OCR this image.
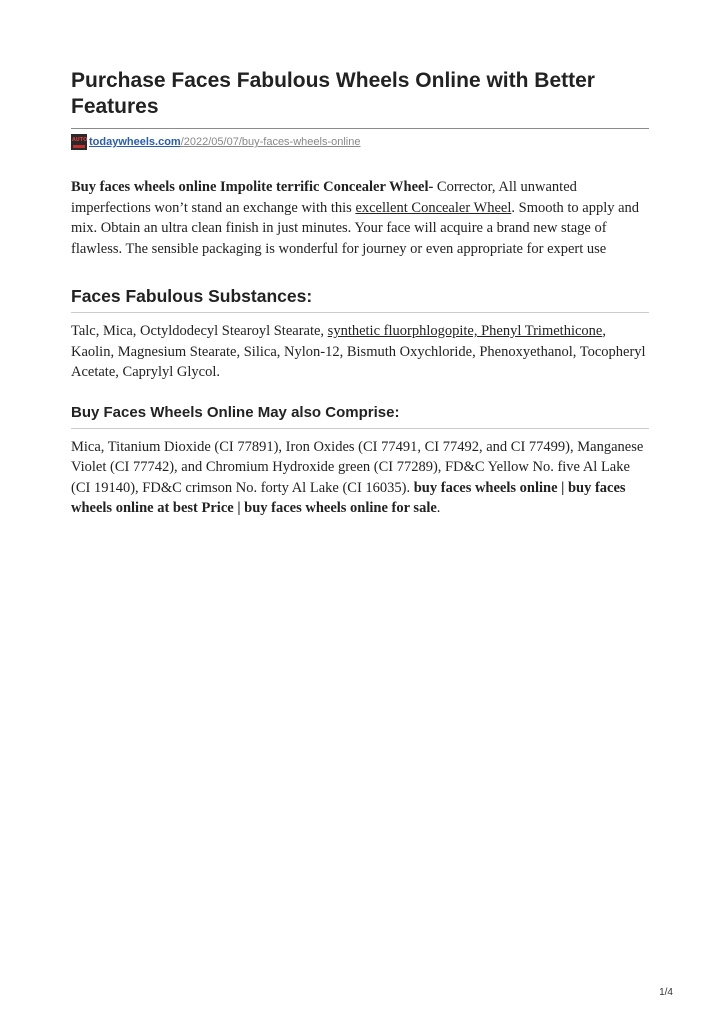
Purchase Faces Fabulous Wheels Online with Better Features
AUTO todaywheels.com /2022/05/07/buy-faces-wheels-online

Buy faces wheels online Impolite terrific Concealer Wheel- Corrector, All unwanted imperfections won’t stand an exchange with this excellent Concealer Wheel. Smooth to apply and mix. Obtain an ultra clean finish in just minutes. Your face will acquire a brand new stage of flawless. The sensible packaging is wonderful for journey or even appropriate for expert use

Faces Fabulous Substances:

Talc, Mica, Octyldodecyl Stearoyl Stearate, synthetic fluorphlogopite, Phenyl Trimethicone, Kaolin, Magnesium Stearate, Silica, Nylon-12, Bismuth Oxychloride, Phenoxyethanol, Tocopheryl Acetate, Caprylyl Glycol.

Buy Faces Wheels Online May also Comprise:

Mica, Titanium Dioxide (CI 77891), Iron Oxides (CI 77491, CI 77492, and CI 77499), Manganese Violet (CI 77742), and Chromium Hydroxide green (CI 77289), FD&C Yellow No. five Al Lake (CI 19140), FD&C crimson No. forty Al Lake (CI 16035). buy faces wheels online | buy faces wheels online at best Price | buy faces wheels online for sale.

1/4
